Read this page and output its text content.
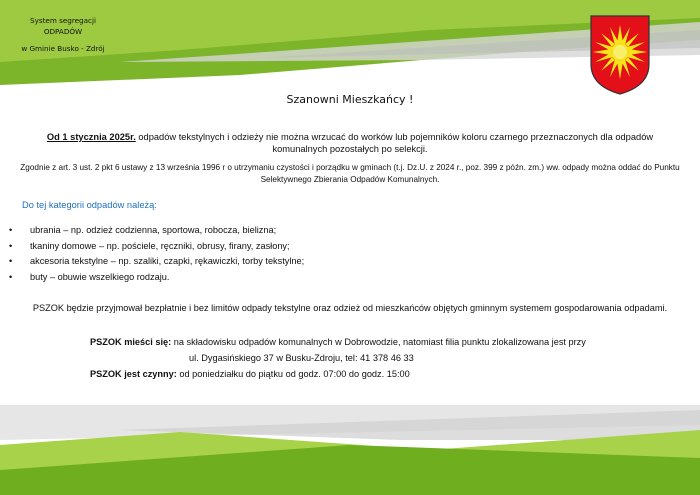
System segregacji
ODPADÓW
w Gminie Busko - Zdrój
Szanowni Mieszkańcy !
Od 1 stycznia 2025r. odpadów tekstylnych i odzieży nie można wrzucać do worków lub pojemników koloru czarnego przeznaczonych dla odpadów komunalnych pozostałych po selekcji.
Zgodnie z art. 3 ust. 2 pkt 6 ustawy z 13 września 1996 r o utrzymaniu czystości i porządku w gminach (t.j. Dz.U. z 2024 r., poz. 399 z późn. zm.) ww. odpady można oddać do Punktu Selektywnego Zbierania Odpadów Komunalnych.
Do tej kategorii odpadów należą:
• ubrania – np. odzież codzienna, sportowa, robocza, bielizna;
• tkaniny domowe – np. pościele, ręczniki, obrusy, firany, zasłony;
• akcesoria tekstylne – np. szaliki, czapki, rękawiczki, torby tekstylne;
• buty – obuwie wszelkiego rodzaju.
PSZOK będzie przyjmował bezpłatnie i bez limitów odpady tekstylne oraz odzież od mieszkańców objętych gminnym systemem gospodarowania odpadami.
PSZOK mieści się: na składowisku odpadów komunalnych w Dobrowodzie, natomiast filia punktu zlokalizowana jest przy
ul. Dygasińskiego 37 w Busku-Zdroju, tel: 41 378 46 33
PSZOK jest czynny: od poniedziałku do piątku od godz. 07:00 do godz. 15:00
